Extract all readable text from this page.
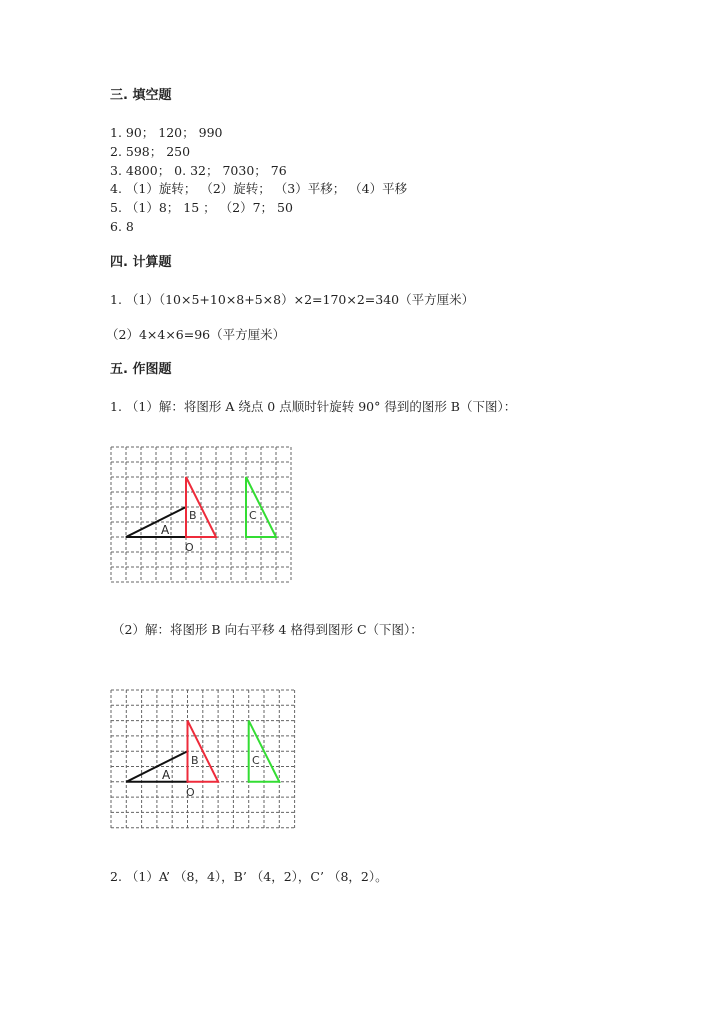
三. 填空题
1. 90； 120； 990
2. 598； 250
3. 4800； 0. 32； 7030； 76
4. （1）旋转； （2）旋转； （3）平移； （4）平移
5. （1）8； 15 ； （2）7； 50
6. 8
四. 计算题
1. （1）（10×5+10×8+5×8）×2=170×2=340（平方厘米）
（2）4×4×6=96（平方厘米）
五. 作图题
1. （1）解：将图形 A 绕点 0 点顺时针旋转 90° 得到的图形 B（下图）：
A
B	C
O
（2）解：将图形 B 向右平移 4 格得到图形 C（下图）：
A
B	C
O
2. （1）A’ （8，4），B’ （4，2），C’ （8，2）。
